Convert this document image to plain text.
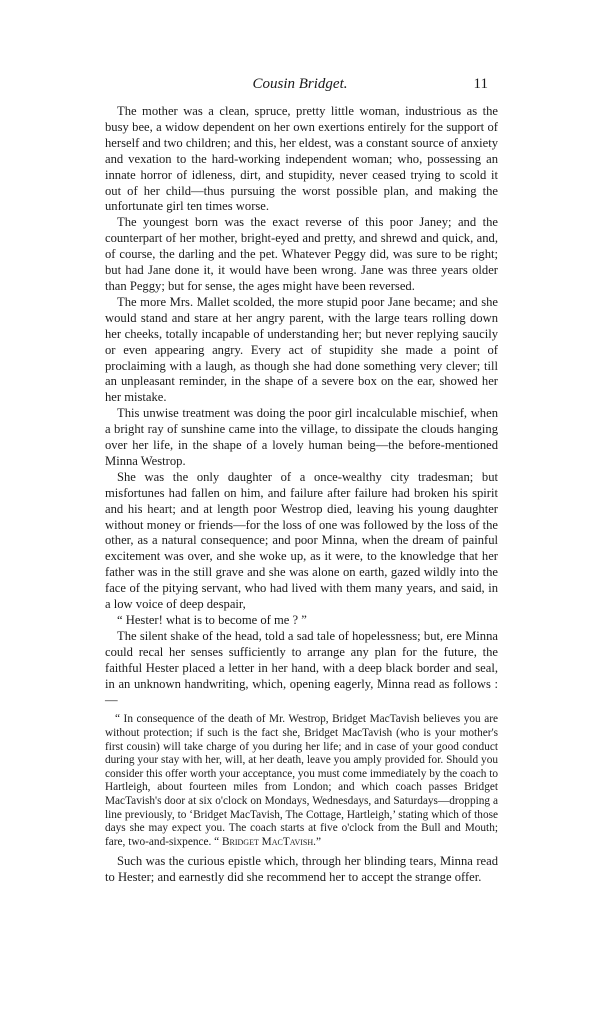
Cousin Bridget.	11

The mother was a clean, spruce, pretty little woman, industrious as the busy bee, a widow dependent on her own exertions entirely for the support of herself and two children; and this, her eldest, was a constant source of anxiety and vexation to the hard-working independent woman; who, possessing an innate horror of idleness, dirt, and stupidity, never ceased trying to scold it out of her child—thus pursuing the worst possible plan, and making the unfortunate girl ten times worse.

The youngest born was the exact reverse of this poor Janey; and the counterpart of her mother, bright-eyed and pretty, and shrewd and quick, and, of course, the darling and the pet. Whatever Peggy did, was sure to be right; but had Jane done it, it would have been wrong. Jane was three years older than Peggy; but for sense, the ages might have been reversed.

The more Mrs. Mallet scolded, the more stupid poor Jane became; and she would stand and stare at her angry parent, with the large tears rolling down her cheeks, totally incapable of understanding her; but never replying saucily or even appearing angry. Every act of stupidity she made a point of proclaiming with a laugh, as though she had done something very clever; till an unpleasant reminder, in the shape of a severe box on the ear, showed her her mistake.

This unwise treatment was doing the poor girl incalculable mischief, when a bright ray of sunshine came into the village, to dissipate the clouds hanging over her life, in the shape of a lovely human being—the before-mentioned Minna Westrop.

She was the only daughter of a once-wealthy city tradesman; but misfortunes had fallen on him, and failure after failure had broken his spirit and his heart; and at length poor Westrop died, leaving his young daughter without money or friends—for the loss of one was followed by the loss of the other, as a natural consequence; and poor Minna, when the dream of painful excitement was over, and she woke up, as it were, to the knowledge that her father was in the still grave and she was alone on earth, gazed wildly into the face of the pitying servant, who had lived with them many years, and said, in a low voice of deep despair,

“ Hester! what is to become of me ? ”

The silent shake of the head, told a sad tale of hopelessness; but, ere Minna could recal her senses sufficiently to arrange any plan for the future, the faithful Hester placed a letter in her hand, with a deep black border and seal, in an unknown handwriting, which, opening eagerly, Minna read as follows :—

“ In consequence of the death of Mr. Westrop, Bridget MacTavish believes you are without protection; if such is the fact she, Bridget MacTavish (who is your mother's first cousin) will take charge of you during her life; and in case of your good conduct during your stay with her, will, at her death, leave you amply provided for. Should you consider this offer worth your acceptance, you must come immediately by the coach to Hartleigh, about fourteen miles from London; and which coach passes Bridget MacTavish's door at six o'clock on Mondays, Wednesdays, and Saturdays—dropping a line previously, to ‘Bridget MacTavish, The Cottage, Hartleigh,’ stating which of those days she may expect you. The coach starts at five o'clock from the Bull and Mouth; fare, two-and-sixpence. “ Bridget MacTavish.”

Such was the curious epistle which, through her blinding tears, Minna read to Hester; and earnestly did she recommend her to accept the strange offer.
